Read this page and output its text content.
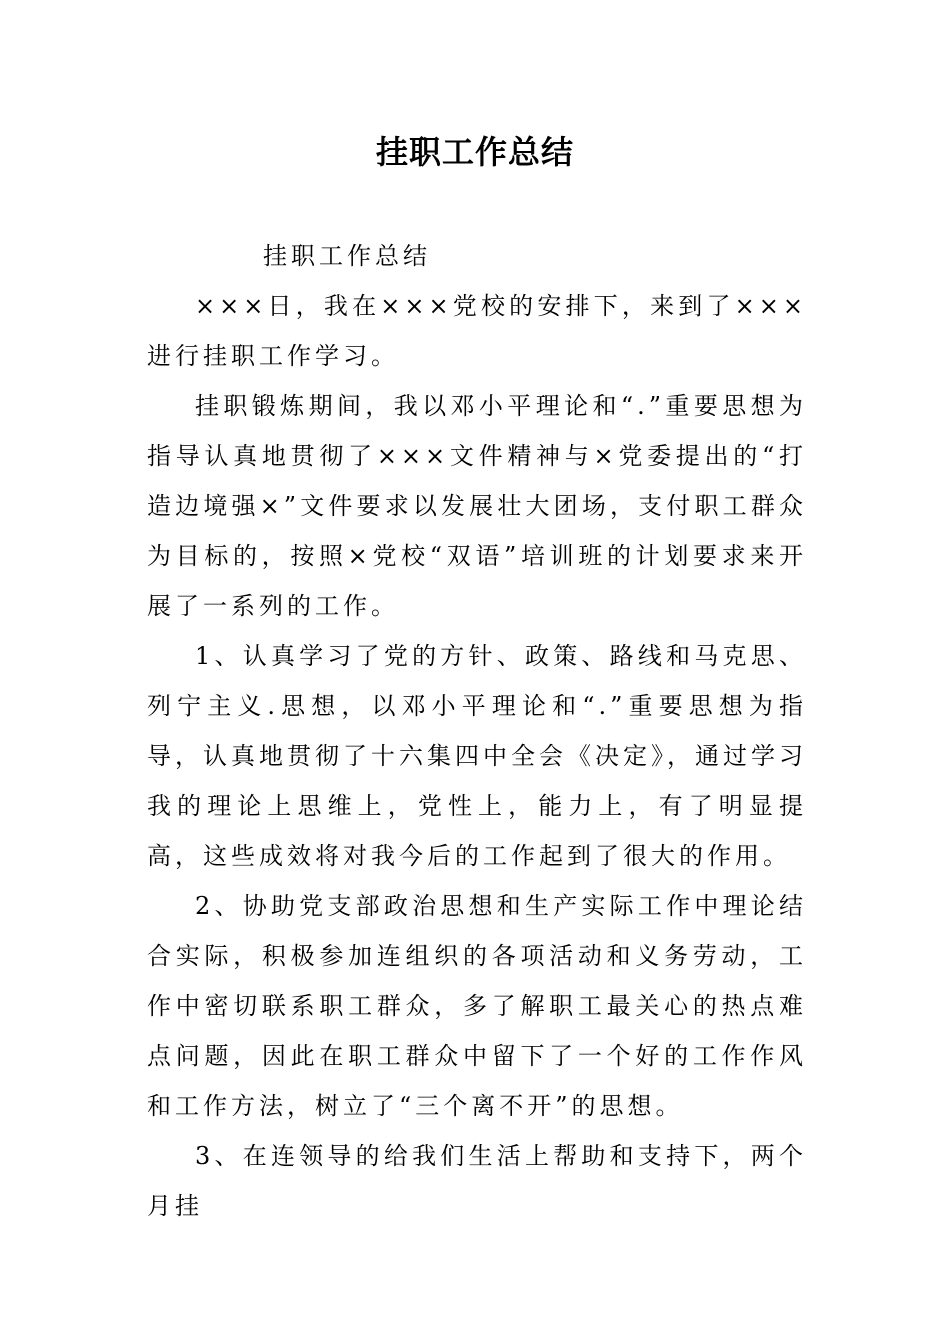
挂职工作总结

挂职工作总结

×××日，我在×××党校的安排下，来到了×××进行挂职工作学习。

挂职锻炼期间，我以邓小平理论和“.”重要思想为指导认真地贯彻了×××文件精神与×党委提出的“打造边境强×”文件要求以发展壮大团场，支付职工群众为目标的，按照×党校“双语”培训班的计划要求来开展了一系列的工作。

1、认真学习了党的方针、政策、路线和马克思、列宁主义.思想，以邓小平理论和“.”重要思想为指导，认真地贯彻了十六集四中全会《决定》，通过学习我的理论上思维上，党性上，能力上，有了明显提高，这些成效将对我今后的工作起到了很大的作用。

2、协助党支部政治思想和生产实际工作中理论结合实际，积极参加连组织的各项活动和义务劳动，工作中密切联系职工群众，多了解职工最关心的热点难点问题，因此在职工群众中留下了一个好的工作作风和工作方法，树立了“三个离不开”的思想。

3、在连领导的给我们生活上帮助和支持下，两个月挂
